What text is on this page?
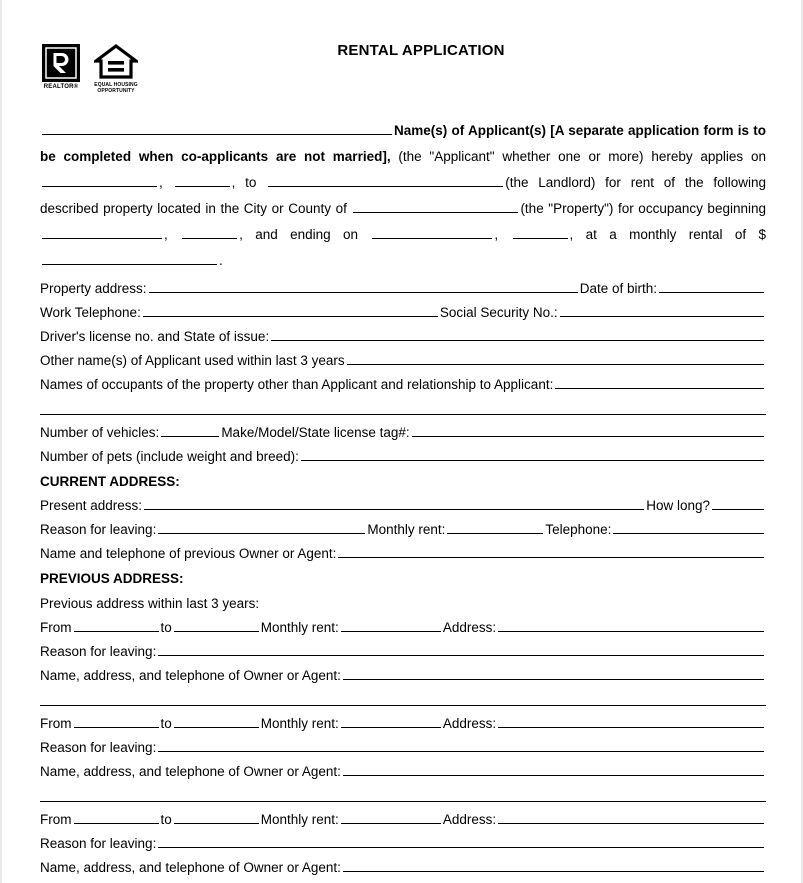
REALTOR®	EQUAL HOUSING
OPPORTUNITY
RENTAL APPLICATION
Name(s) of Applicant(s) [A separate application form is to be completed when co-applicants are not married], (the "Applicant" whether one or more) hereby applies on ,	, to	(the Landlord) for rent of the following described property located in the City or County of	(the "Property") for occupancy beginning ,	, and ending on	,	, at a monthly rental of $.
Property address:	Date of birth:
Work Telephone:	Social Security No.:
Driver's license no. and State of issue:
Other name(s) of Applicant used within last 3 years
Names of occupants of the property other than Applicant and relationship to Applicant:
Number of vehicles:	Make/Model/State license tag#:
Number of pets (include weight and breed):
CURRENT ADDRESS:
Present address:	How long?
Reason for leaving:	Monthly rent:	Telephone:
Name and telephone of previous Owner or Agent:
PREVIOUS ADDRESS:
Previous address within last 3 years:
From	to	Monthly rent:	Address:
Reason for leaving:
Name, address, and telephone of Owner or Agent:
From	to	Monthly rent:	Address:
Reason for leaving:
Name, address, and telephone of Owner or Agent:
From	to	Monthly rent:	Address:
Reason for leaving:
Name, address, and telephone of Owner or Agent:
